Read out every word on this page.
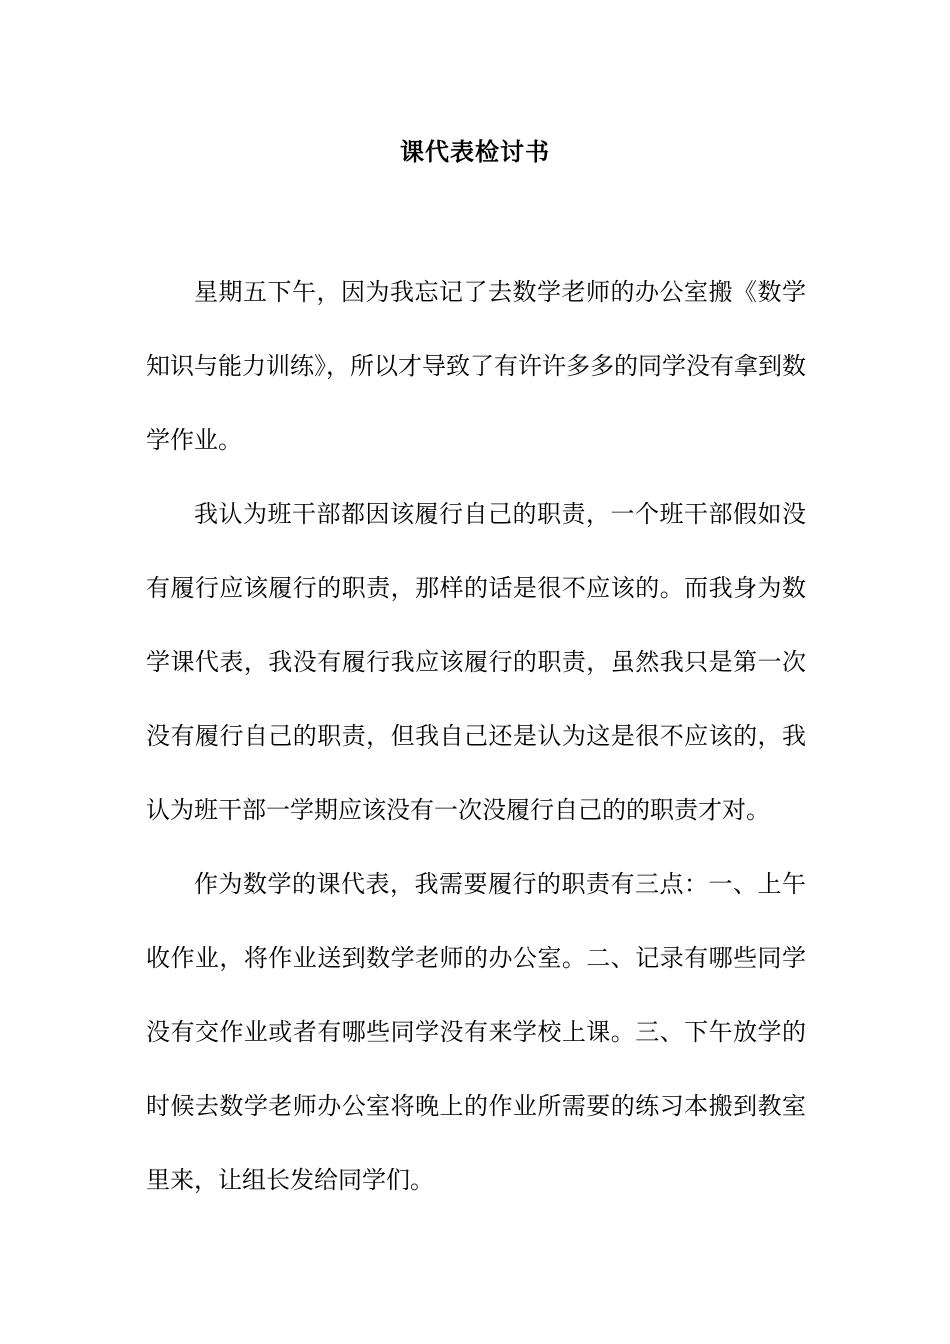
课代表检讨书

星期五下午，因为我忘记了去数学老师的办公室搬《数学知识与能力训练》，所以才导致了有许许多多的同学没有拿到数学作业。

我认为班干部都因该履行自己的职责，一个班干部假如没有履行应该履行的职责，那样的话是很不应该的。而我身为数学课代表，我没有履行我应该履行的职责，虽然我只是第一次没有履行自己的职责，但我自己还是认为这是很不应该的，我认为班干部一学期应该没有一次没履行自己的的职责才对。

作为数学的课代表，我需要履行的职责有三点：一、上午收作业，将作业送到数学老师的办公室。二、记录有哪些同学没有交作业或者有哪些同学没有来学校上课。三、下午放学的时候去数学老师办公室将晚上的作业所需要的练习本搬到教室里来，让组长发给同学们。
